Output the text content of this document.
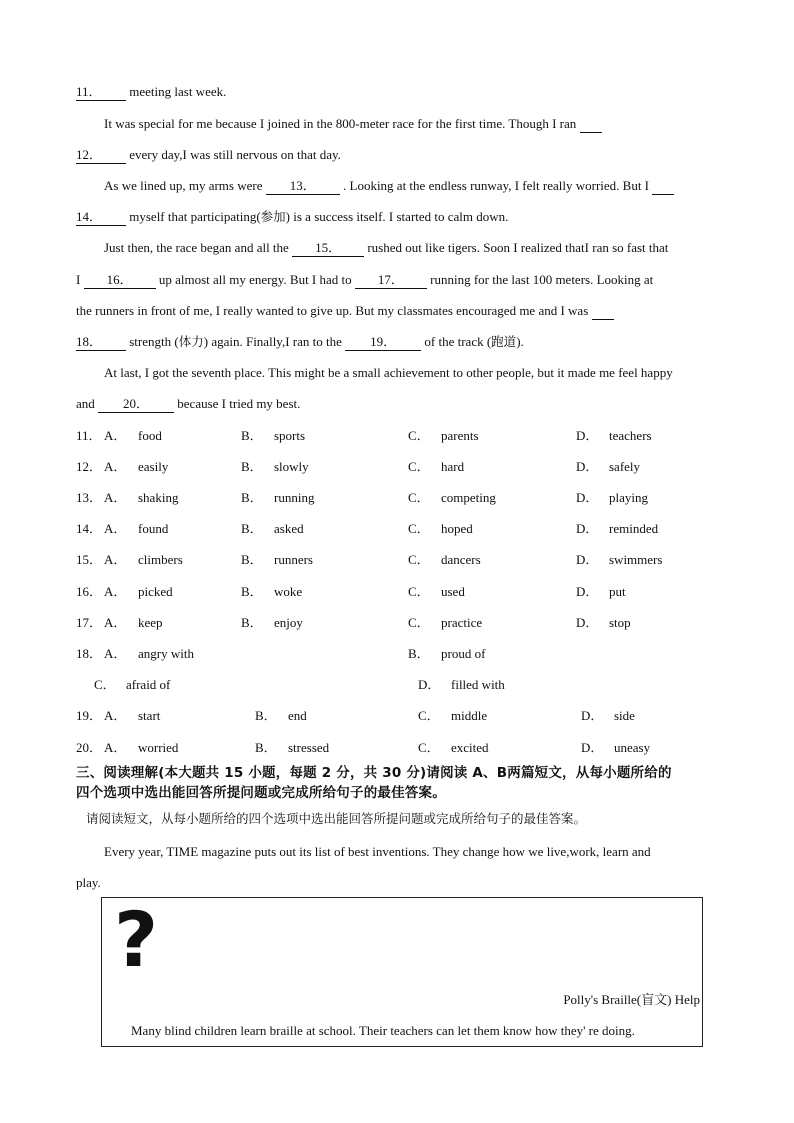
11． meeting last week.
It was special for me because I joined in the 800-meter race for the first time. Though I ran
12． every day,I was still nervous on that day.
As we lined up, my arms were 13． . Looking at the endless runway, I felt really worried. But I
14． myself that participating(参加) is a success itself. I started to calm down.
Just then, the race began and all the 15． rushed out like tigers. Soon I realized thatI ran so fast that
I 16． up almost all my energy. But I had to 17． running for the last 100 meters. Looking at
the runners in front of me, I really wanted to give up. But my classmates encouraged me and I was
18． strength (体力) again. Finally,I ran to the 19． of the track (跑道).
At last, I got the seventh place. This might be a small achievement to other people, but it made me feel happy
and 20． because I tried my best.
11． A． food	B． sports	C． parents	D． teachers
12． A． easily	B． slowly	C． hard	D． safely
13． A． shaking	B． running	C． competing	D． playing
14． A． found	B． asked	C． hoped	D． reminded
15． A． climbers	B． runners	C． dancers	D． swimmers
16． A． picked	B． woke	C． used	D． put
17． A． keep	B． enjoy	C． practice	D． stop
18． A． angry with	B． proud of
C． afraid of	D． filled with
19． A． start	B． end	C． middle	D． side
20． A． worried	B． stressed	C． excited	D． uneasy
三、阅读理解(本大题共 15 小题，每题 2 分，共 30 分)请阅读 A、B两篇短文，从每小题所给的
四个选项中选出能回答所提问题或完成所给句子的最佳答案。
请阅读短文，从每小题所给的四个选项中选出能回答所提问题或完成所给句子的最佳答案。
Every year, TIME magazine puts out its list of best inventions. They change how we live,work, learn and
play.
?
Polly's Braille(盲文) Help
Many blind children learn braille at school. Their teachers can let them know how they' re doing.
